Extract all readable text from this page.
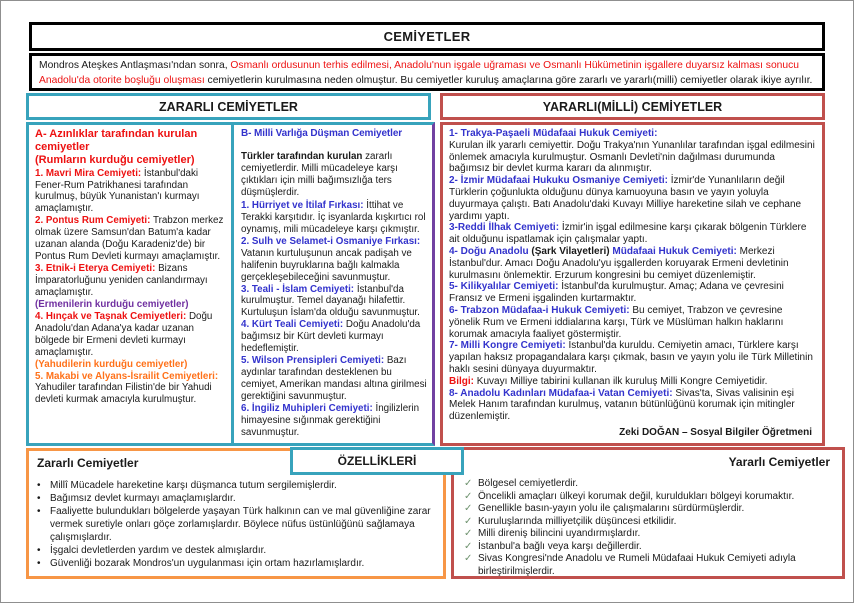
CEMİYETLER
Mondros Ateşkes Antlaşması'ndan sonra, Osmanlı ordusunun terhis edilmesi, Anadolu'nun işgale uğraması ve Osmanlı Hükümetinin işgallere duyarsız kalması sonucu Anadolu'da otorite boşluğu oluşması cemiyetlerin kurulmasına neden olmuştur. Bu cemiyetler kuruluş amaçlarına göre zararlı ve yararlı(milli) cemiyetler olarak ikiye ayrılır.
ZARARLI CEMİYETLER	YARARLI(MİLLİ) CEMİYETLER

A- Azınlıklar tarafından kurulan cemiyetler

(Rumların kurduğu cemiyetler)

1. Mavri Mira Cemiyeti: İstanbul'daki Fener-Rum Patrikhanesi tarafından kurulmuş, büyük Yunanistan'ı kurmayı amaçlamıştır.

2. Pontus Rum Cemiyeti: Trabzon merkez olmak üzere Samsun'dan Batum'a kadar uzanan alanda (Doğu Karadeniz'de) bir Pontus Rum Devleti kurmayı amaçlamıştır.

3. Etnik-i Eterya Cemiyeti: Bizans İmparatorluğunu yeniden canlandırmayı amaçlamıştır.

(Ermenilerin kurduğu cemiyetler)

4. Hınçak ve Taşnak Cemiyetleri: Doğu Anadolu'dan Adana'ya kadar uzanan bölgede bir Ermeni devleti kurmayı amaçlamıştır.

(Yahudilerin kurduğu cemiyetler)

5. Makabi ve Alyans-İsrailit Cemiyetleri: Yahudiler tarafından Filistin'de bir Yahudi devleti kurmak amacıyla kurulmuştur.

B- Milli Varlığa Düşman Cemiyetler

Türkler tarafından kurulan zararlı cemiyetlerdir. Milli mücadeleye karşı çıktıkları için milli bağımsızlığa ters düşmüşlerdir.

1. Hürriyet ve İtilaf Fırkası: İttihat ve Terakki karşıtıdır. İç isyanlarda kışkırtıcı rol oynamış, mili mücadeleye karşı çıkmıştır.

2. Sulh ve Selamet-i Osmaniye Fırkası: Vatanın kurtuluşunun ancak padişah ve halifenin buyruklarına bağlı kalmakla gerçekleşebileceğini savunmuştur.

3. Teali - İslam Cemiyeti: İstanbul'da kurulmuştur. Temel dayanağı hilafettir. Kurtuluşun İslam'da olduğu savunmuştur.

4. Kürt Teali Cemiyeti: Doğu Anadolu'da bağımsız bir Kürt devleti kurmayı hedeflemiştir.

5. Wilson Prensipleri Cemiyeti: Bazı aydınlar tarafından desteklenen bu cemiyet, Amerikan mandası altına girilmesi gerektiğini savunmuştur.

6. İngiliz Muhipleri Cemiyeti: İngilizlerin himayesine sığınmak gerektiğini savunmuştur.

1- Trakya-Paşaeli Müdafaai Hukuk Cemiyeti:
Kurulan ilk yararlı cemiyettir. Doğu Trakya'nın Yunanlılar tarafından işgal edilmesini önlemek amacıyla kurulmuştur. Osmanlı Devleti'nin dağılması durumunda bağımsız bir devlet kurma kararı da alınmıştır.

2- İzmir Müdafaai Hukuku Osmaniye Cemiyeti: İzmir'de Yunanlıların değil Türklerin çoğunlukta olduğunu dünya kamuoyuna basın ve yayın yoluyla duyurmaya çalıştı. Batı Anadolu'daki Kuvayı Milliye hareketine silah ve cephane yardımı yaptı.

3-Reddi İlhak Cemiyeti: İzmir'in işgal edilmesine karşı çıkarak bölgenin Türklere ait olduğunu ispatlamak için çalışmalar yaptı.

4- Doğu Anadolu (Şark Vilayetleri) Müdafaai Hukuk Cemiyeti: Merkezi İstanbul'dur. Amacı Doğu Anadolu'yu işgallerden koruyarak Ermeni devletinin kurulmasını önlemektir. Erzurum kongresini bu cemiyet düzenlemiştir.

5- Kilikyalılar Cemiyeti: İstanbul'da kurulmuştur. Amaç; Adana ve çevresini Fransız ve Ermeni işgalinden kurtarmaktır.

6- Trabzon Müdafaa-i Hukuk Cemiyeti: Bu cemiyet, Trabzon ve çevresine yönelik Rum ve Ermeni iddialarına karşı, Türk ve Müslüman halkın haklarını korumak amacıyla faaliyet göstermiştir.

7- Milli Kongre Cemiyeti: İstanbul'da kuruldu. Cemiyetin amacı, Türklere karşı yapılan haksız propagandalara karşı çıkmak, basın ve yayın yolu ile Türk Milletinin haklı sesini dünyaya duyurmaktır.

Bilgi: Kuvayı Milliye tabirini kullanan ilk kuruluş Milli Kongre Cemiyetidir.

8- Anadolu Kadınları Müdafaa-i Vatan Cemiyeti: Sivas'ta, Sivas valisinin eşi Melek Hanım tarafından kurulmuş, vatanın bütünlüğünü korumak için mitingler düzenlemiştir.

Zeki DOĞAN – Sosyal Bilgiler Öğretmeni

Zararlı Cemiyetler

• Millî Mücadele hareketine karşı düşmanca tutum sergilemişlerdir.

• Bağımsız devlet kurmayı amaçlamışlardır.

• Faaliyette bulundukları bölgelerde yaşayan Türk halkının can ve mal güvenliğine zarar vermek suretiyle onları göçe zorlamışlardır. Böylece nüfus üstünlüğünü sağlamaya çalışmışlardır.

• İşgalci devletlerden yardım ve destek almışlardır.

• Güvenliği bozarak Mondros'un uygulanması için ortam hazırlamışlardır.

Yararlı Cemiyetler

✓ Bölgesel cemiyetlerdir.

✓ Öncelikli amaçları ülkeyi korumak değil, kuruldukları bölgeyi korumaktır.

✓ Genellikle basın-yayın yolu ile çalışmalarını sürdürmüşlerdir.

✓ Kuruluşlarında milliyetçilik düşüncesi etkilidir.

✓ Milli direniş bilincini uyandırmışlardır.

✓ İstanbul'a bağlı veya karşı değillerdir.

✓ Sivas Kongresi'nde Anadolu ve Rumeli Müdafaai Hukuk Cemiyeti adıyla birleştirilmişlerdir.

ÖZELLİKLERİ
